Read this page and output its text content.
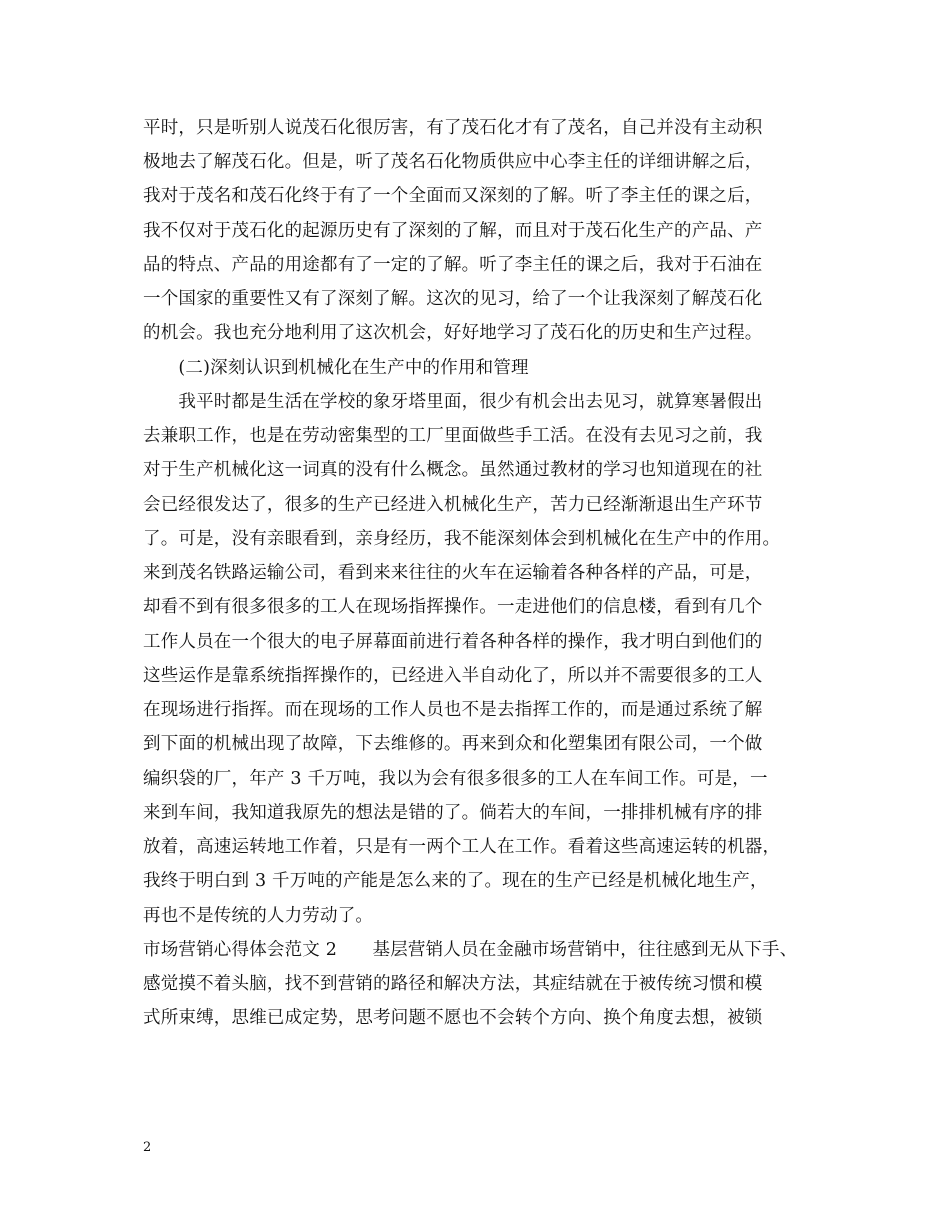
平时，只是听别人说茂石化很厉害，有了茂石化才有了茂名，自己并没有主动积
极地去了解茂石化。但是，听了茂名石化物质供应中心李主任的详细讲解之后，
我对于茂名和茂石化终于有了一个全面而又深刻的了解。听了李主任的课之后，
我不仅对于茂石化的起源历史有了深刻的了解，而且对于茂石化生产的产品、产
品的特点、产品的用途都有了一定的了解。听了李主任的课之后，我对于石油在
一个国家的重要性又有了深刻了解。这次的见习，给了一个让我深刻了解茂石化
的机会。我也充分地利用了这次机会，好好地学习了茂石化的历史和生产过程。
　　(二)深刻认识到机械化在生产中的作用和管理
　　我平时都是生活在学校的象牙塔里面，很少有机会出去见习，就算寒暑假出
去兼职工作，也是在劳动密集型的工厂里面做些手工活。在没有去见习之前，我
对于生产机械化这一词真的没有什么概念。虽然通过教材的学习也知道现在的社
会已经很发达了，很多的生产已经进入机械化生产，苦力已经渐渐退出生产环节
了。可是，没有亲眼看到，亲身经历，我不能深刻体会到机械化在生产中的作用。
来到茂名铁路运输公司，看到来来往往的火车在运输着各种各样的产品，可是，
却看不到有很多很多的工人在现场指挥操作。一走进他们的信息楼，看到有几个
工作人员在一个很大的电子屏幕面前进行着各种各样的操作，我才明白到他们的
这些运作是靠系统指挥操作的，已经进入半自动化了，所以并不需要很多的工人
在现场进行指挥。而在现场的工作人员也不是去指挥工作的，而是通过系统了解
到下面的机械出现了故障，下去维修的。再来到众和化塑集团有限公司，一个做
编织袋的厂，年产 3 千万吨，我以为会有很多很多的工人在车间工作。可是，一
来到车间，我知道我原先的想法是错的了。倘若大的车间，一排排机械有序的排
放着，高速运转地工作着，只是有一两个工人在工作。看着这些高速运转的机器，
我终于明白到 3 千万吨的产能是怎么来的了。现在的生产已经是机械化地生产，
再也不是传统的人力劳动了。
市场营销心得体会范文 2　　基层营销人员在金融市场营销中，往往感到无从下手、
感觉摸不着头脑，找不到营销的路径和解决方法，其症结就在于被传统习惯和模
式所束缚，思维已成定势，思考问题不愿也不会转个方向、换个角度去想，被锁
2
